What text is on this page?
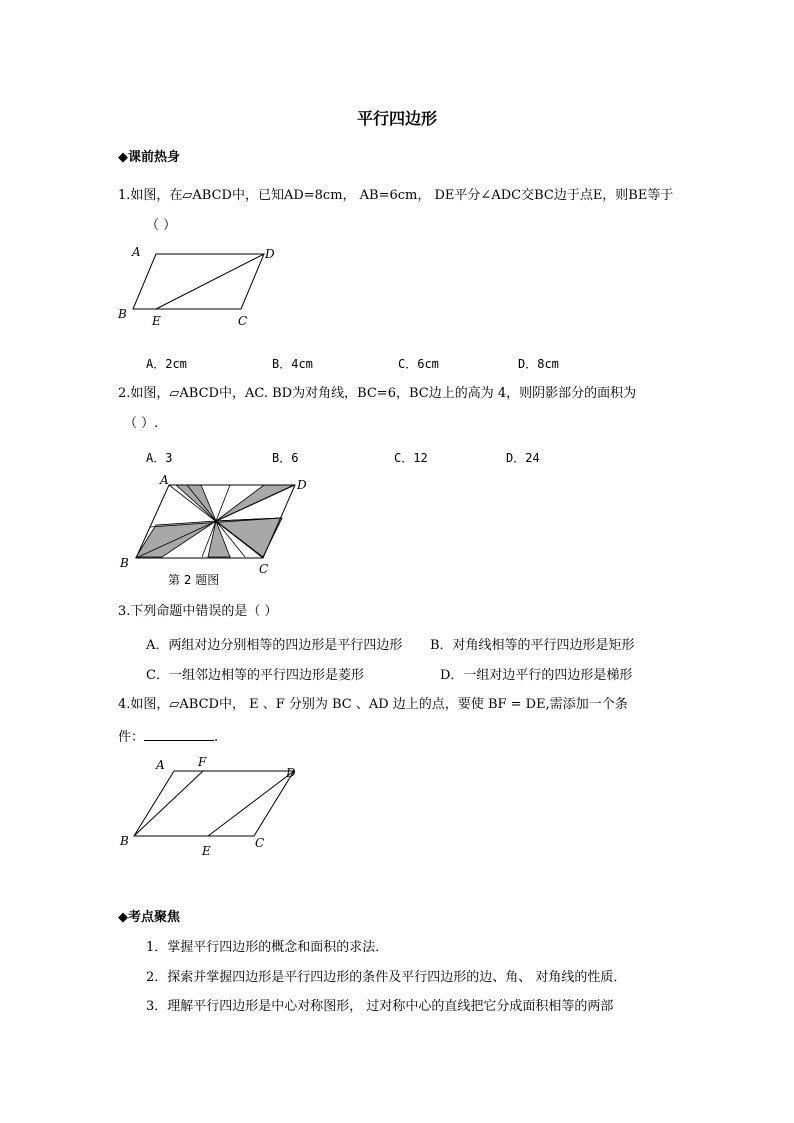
平行四边形
◆课前热身
1.如图，在▱ABCD中，已知AD=8cm， AB=6cm， DE平分∠ADC交BC边于点E，则BE等于
（ ）
A	D
B E	C
A．2cm	B．4cm	C．6cm	D．8cm
2.如图，▱ABCD中，AC. BD为对角线，BC=6，BC边上的高为 4，则阴影部分的面积为
（ ）.
A．3	B．6	C．12	D．24
A	D
B	C
第 2 题图
3.下列命题中错误的是（ ）
A．两组对边分别相等的四边形是平行四边形 B．对角线相等的平行四边形是矩形
C．一组邻边相等的平行四边形是菱形	D．一组对边平行的四边形是梯形
4.如图，▱ABCD中， E 、F 分别为 BC 、AD 边上的点，要使 BF = DE,需添加一个条
件：	.
A	F
D
B
E
C
◆考点聚焦
1．掌握平行四边形的概念和面积的求法．
2．探索并掌握四边形是平行四边形的条件及平行四边形的边、角、 对角线的性质．
3．理解平行四边形是中心对称图形， 过对称中心的直线把它分成面积相等的两部
